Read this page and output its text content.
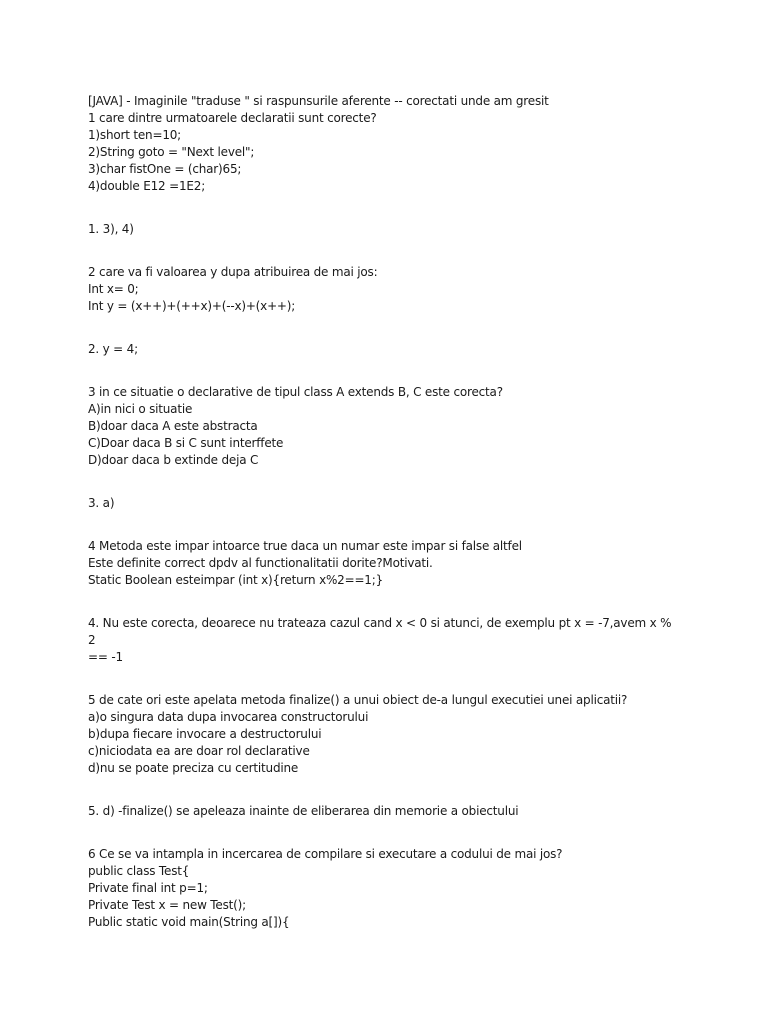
[JAVA] - Imaginile "traduse " si raspunsurile aferente -- corectati unde am gresit
1 care dintre urmatoarele declaratii sunt corecte?
1)short ten=10;
2)String goto = "Next level";
3)char fistOne = (char)65;
4)double E12 =1E2;
1. 3), 4)
2 care va fi valoarea y dupa atribuirea de mai jos:
Int x= 0;
Int y = (x++)+(++x)+(--x)+(x++);
2. y = 4;
3 in ce situatie o declarative de tipul class A extends B, C este corecta?
A)in nici o situatie
B)doar daca A este abstracta
C)Doar daca B si C sunt interffete
D)doar daca b extinde deja C
3. a)
4 Metoda este impar intoarce true daca un numar este impar si false altfel
Este definite correct dpdv al functionalitatii dorite?Motivati.
Static Boolean esteimpar (int x){return x%2==1;}
4. Nu este corecta, deoarece nu trateaza cazul cand x < 0 si atunci, de exemplu pt x = -7,avem x % 2
== -1
5 de cate ori este apelata metoda finalize() a unui obiect de-a lungul executiei unei aplicatii?
a)o singura data dupa invocarea constructorului
b)dupa fiecare invocare a destructorului
c)niciodata ea are doar rol declarative
d)nu se poate preciza cu certitudine
5. d) -finalize() se apeleaza inainte de eliberarea din memorie a obiectului
6 Ce se va intampla in incercarea de compilare si executare a codului de mai jos?
public class Test{
Private final int p=1;
Private Test x = new Test();
Public static void main(String a[]){
